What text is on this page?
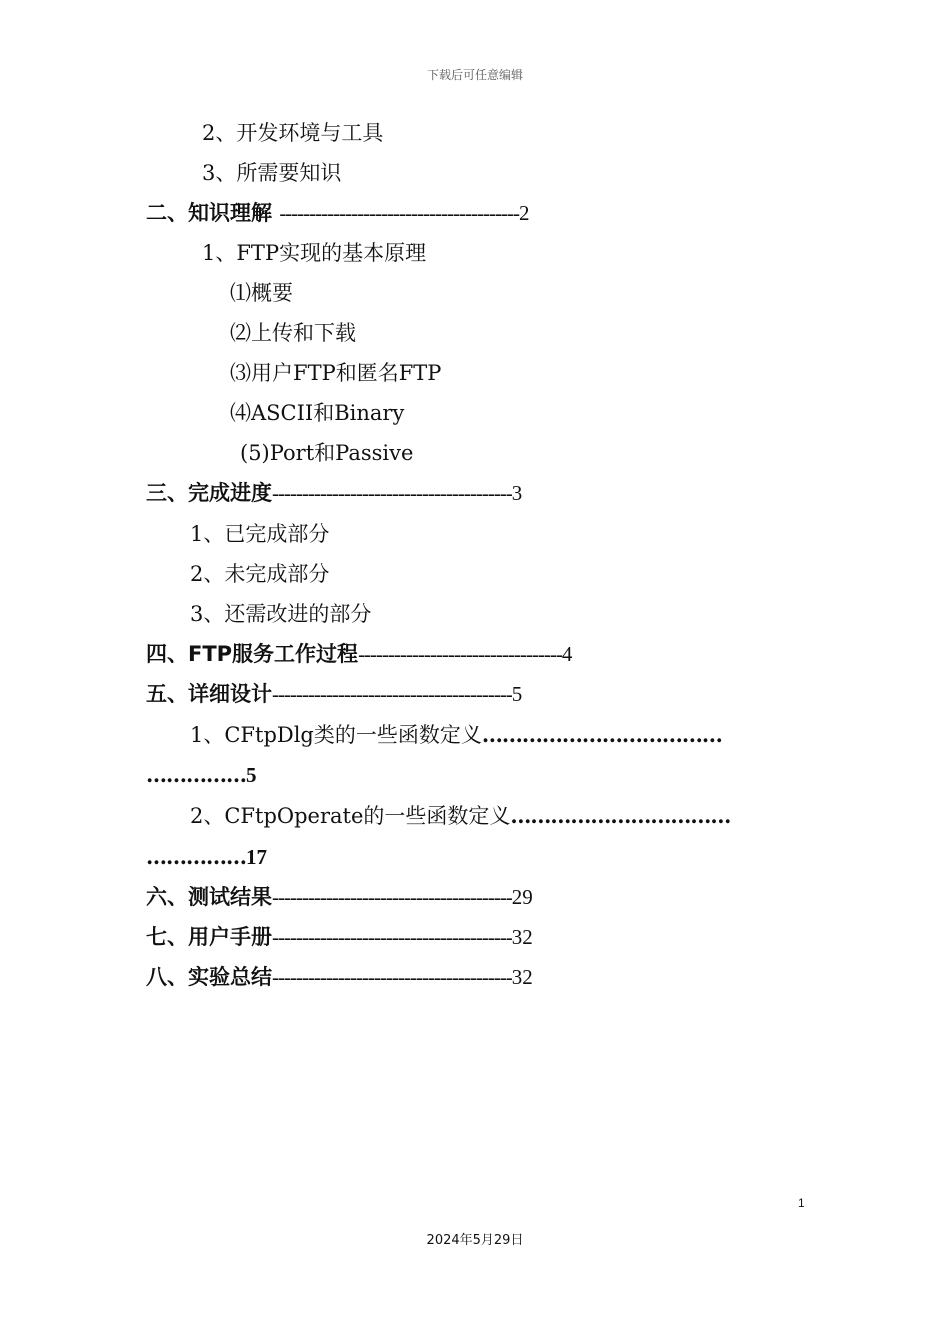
下载后可任意编辑
2、开发环境与工具
3、所需要知识
二、知识理解 ----------------------------------------2
1、FTP实现的基本原理
⑴概要
⑵上传和下载
⑶用户FTP和匿名FTP
⑷ASCII和Binary
(5)Port和Passive
三、完成进度----------------------------------------3
1、已完成部分
2、未完成部分
3、还需改进的部分
四、FTP服务工作过程----------------------------------4
五、详细设计----------------------------------------5
1、CFtpDlg类的一些函数定义………………………………
……………5
2、CFtpOperate的一些函数定义……………………………
……………17
六、测试结果----------------------------------------29
七、用户手册----------------------------------------32
八、实验总结----------------------------------------32
1
2024年5月29日
